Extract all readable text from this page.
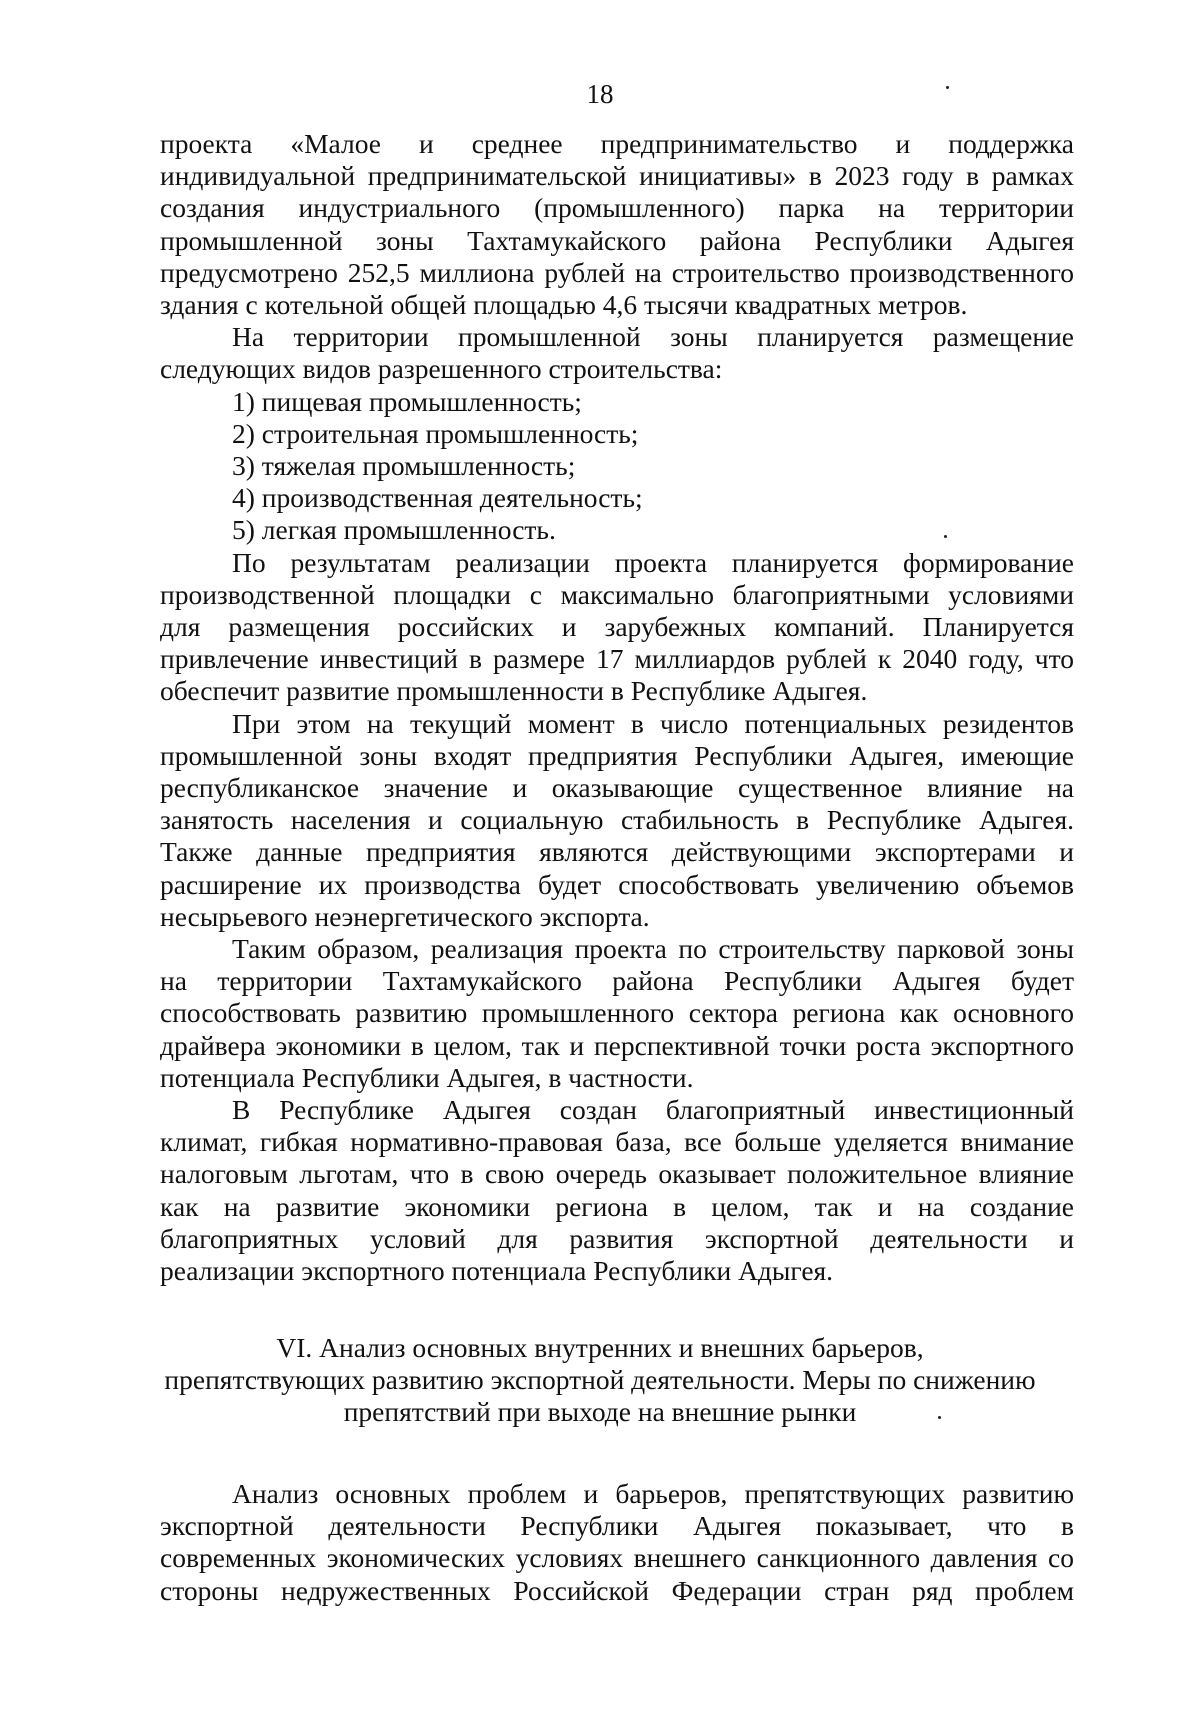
18
проекта «Малое и среднее предпринимательство и поддержка
индивидуальной предпринимательской инициативы» в 2023 году в рамках
создания индустриального (промышленного) парка на территории
промышленной зоны Тахтамукайского района Республики Адыгея
предусмотрено 252,5 миллиона рублей на строительство производственного
здания с котельной общей площадью 4,6 тысячи квадратных метров.
На территории промышленной зоны планируется размещение
следующих видов разрешенного строительства:
1) пищевая промышленность;
2) строительная промышленность;
3) тяжелая промышленность;
4) производственная деятельность;
5) легкая промышленность.
По результатам реализации проекта планируется формирование
производственной площадки с максимально благоприятными условиями
для размещения российских и зарубежных компаний. Планируется
привлечение инвестиций в размере 17 миллиардов рублей к 2040 году, что
обеспечит развитие промышленности в Республике Адыгея.
При этом на текущий момент в число потенциальных резидентов
промышленной зоны входят предприятия Республики Адыгея, имеющие
республиканское значение и оказывающие существенное влияние на
занятость населения и социальную стабильность в Республике Адыгея.
Также данные предприятия являются действующими экспортерами и
расширение их производства будет способствовать увеличению объемов
несырьевого неэнергетического экспорта.
Таким образом, реализация проекта по строительству парковой зоны
на территории Тахтамукайского района Республики Адыгея будет
способствовать развитию промышленного сектора региона как основного
драйвера экономики в целом, так и перспективной точки роста экспортного
потенциала Республики Адыгея, в частности.
В Республике Адыгея создан благоприятный инвестиционный
климат, гибкая нормативно-правовая база, все больше уделяется внимание
налоговым льготам, что в свою очередь оказывает положительное влияние
как на развитие экономики региона в целом, так и на создание
благоприятных условий для развития экспортной деятельности и
реализации экспортного потенциала Республики Адыгея.
VI. Анализ основных внутренних и внешних барьеров,
препятствующих развитию экспортной деятельности. Меры по снижению
препятствий при выходе на внешние рынки
Анализ основных проблем и барьеров, препятствующих развитию
экспортной деятельности Республики Адыгея показывает, что в
современных экономических условиях внешнего санкционного давления со
стороны недружественных Российской Федерации стран ряд проблем
